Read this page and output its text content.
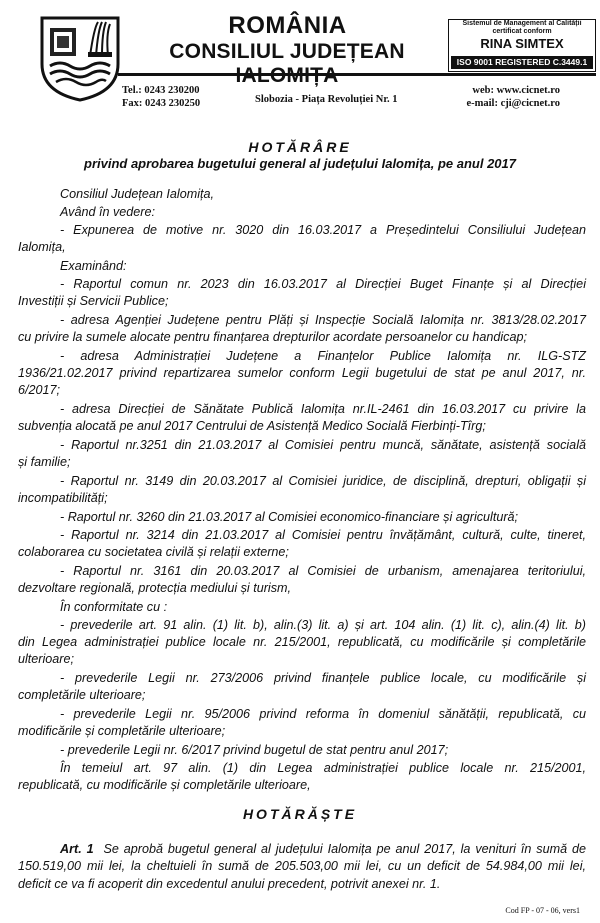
ROMÂNIA
CONSILIUL JUDEȚEAN
Sistemul de Management al Calității
certificat conform
RINA SIMTEX
ISO 9001 REGISTERED C.3449.1
Tel.: 0243 230200
Fax: 0243 230250	Slobozia - Piața Revoluției Nr. 1
web: www.cicnet.ro
e-mail: cji@cicnet.ro
HOTĂRÂRE
privind aprobarea bugetului general al județului Ialomița, pe anul 2017
Consiliul Județean Ialomița,
Având în vedere:
- Expunerea de motive nr. 3020 din 16.03.2017 a Președintelui Consiliului Județean
Ialomița,
Examinând:
- Raportul comun nr. 2023 din 16.03.2017 al Direcției Buget Finanțe și al Direcției
Investiții și Servicii Publice;
- adresa Agenției Județene pentru Plăți și Inspecție Socială Ialomița nr. 3813/28.02.2017
cu privire la sumele alocate pentru finanțarea drepturilor acordate persoanelor cu handicap;
- adresa Administrației Județene a Finanțelor Publice Ialomița nr. ILG-STZ
1936/21.02.2017 privind repartizarea sumelor conform Legii bugetului de stat pe anul 2017, nr.
6/2017;
- adresa Direcției de Sănătate Publică Ialomița nr.IL-2461 din 16.03.2017 cu privire la
subvenția alocată pe anul 2017 Centrului de Asistență Medico Socială Fierbinți-Tîrg;
- Raportul nr.3251 din 21.03.2017 al Comisiei pentru muncă, sănătate, asistență socială
și familie;
- Raportul nr. 3149 din 20.03.2017 al Comisiei juridice, de disciplină, drepturi, obligații și
incompatibilități;
- Raportul nr. 3260 din 21.03.2017 al Comisiei economico-financiare și agricultură;
- Raportul nr. 3214 din 21.03.2017 al Comisiei pentru învățământ, cultură, culte, tineret,
colaborarea cu societatea civilă și relații externe;
- Raportul nr. 3161 din 20.03.2017 al Comisiei de urbanism, amenajarea teritoriului,
dezvoltare regională, protecția mediului și turism,
În conformitate cu :
- prevederile art. 91 alin. (1) lit. b), alin.(3) lit. a) și art. 104 alin. (1) lit. c), alin.(4) lit. b)
din Legea administrației publice locale nr. 215/2001, republicată, cu modificările și completările
ulterioare;
- prevederile Legii nr. 273/2006 privind finanțele publice locale, cu modificările și
completările ulterioare;
- prevederile Legii nr. 95/2006 privind reforma în domeniul sănătății, republicată, cu
modificările și completările ulterioare;
- prevederile Legii nr. 6/2017 privind bugetul de stat pentru anul 2017;
În temeiul art. 97 alin. (1) din Legea administrației publice locale nr. 215/2001,
republicată, cu modificările și completările ulterioare,
HOTĂRĂȘTE
Art. 1 Se aprobă bugetul general al județului Ialomița pe anul 2017, la venituri în sumă de
150.519,00 mii lei, la cheltuieli în sumă de 205.503,00 mii lei, cu un deficit de 54.984,00 mii lei,
deficit ce va fi acoperit din excedentul anului precedent, potrivit anexei nr. 1.
Cod FP - 07 - 06, vers1
